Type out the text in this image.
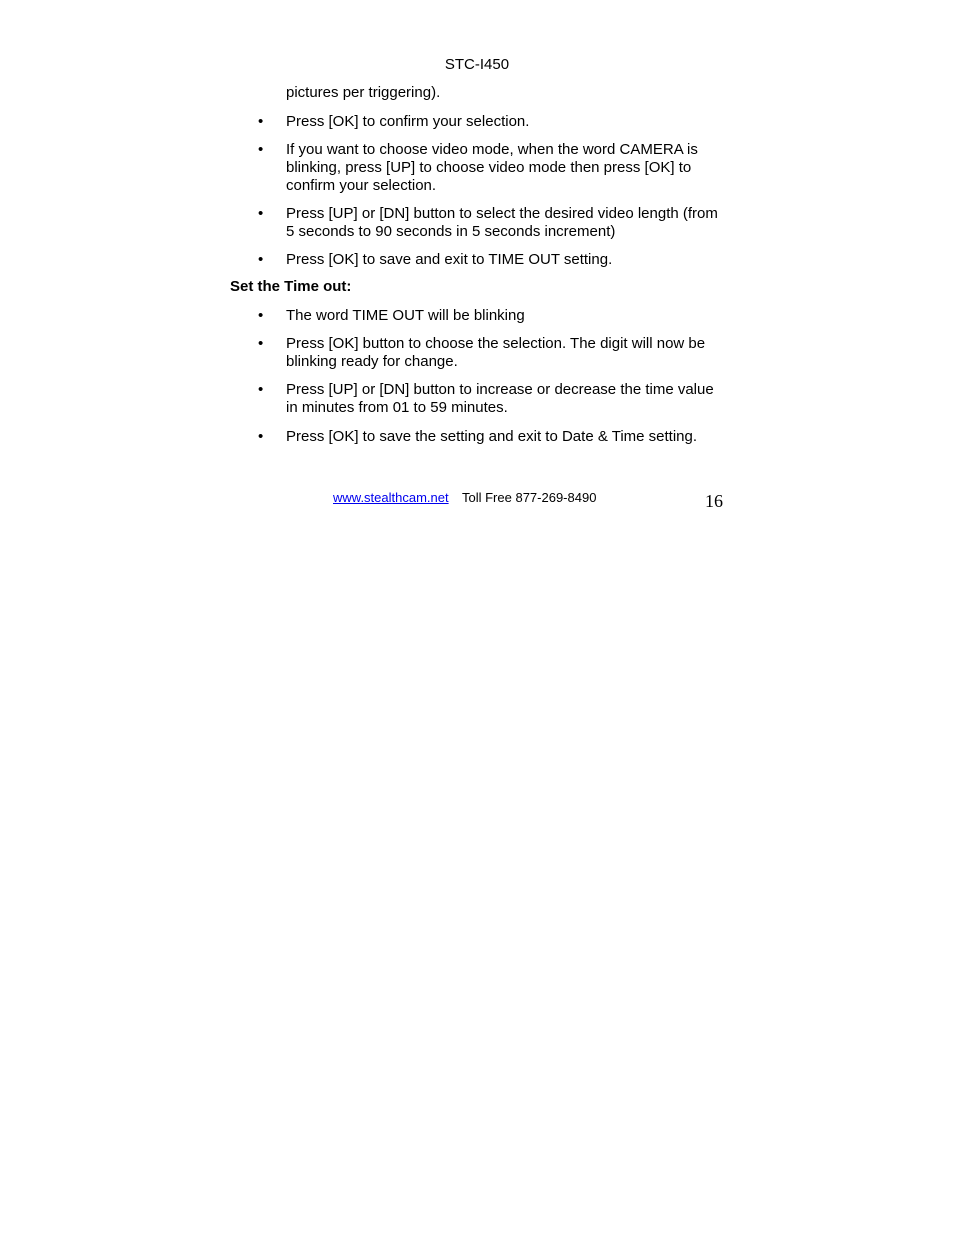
STC-I450
pictures per triggering).
•	Press [OK] to confirm your selection.
•	If you want to choose video mode, when the word CAMERA is blinking, press [UP] to choose video mode then press [OK] to confirm your selection.
•	Press [UP] or [DN] button to select the desired video length (from 5 seconds to 90 seconds in 5 seconds increment)
•	Press [OK] to save and exit to TIME OUT setting.
Set the Time out:
•	The word TIME OUT will be blinking
•	Press [OK] button to choose the selection. The digit will now be blinking ready for change.
•	Press [UP] or [DN] button to increase or decrease the time value in minutes from 01 to 59 minutes.
•	Press [OK] to save the setting and exit to Date & Time setting.
www.stealthcam.net Toll Free 877-269-8490	16
